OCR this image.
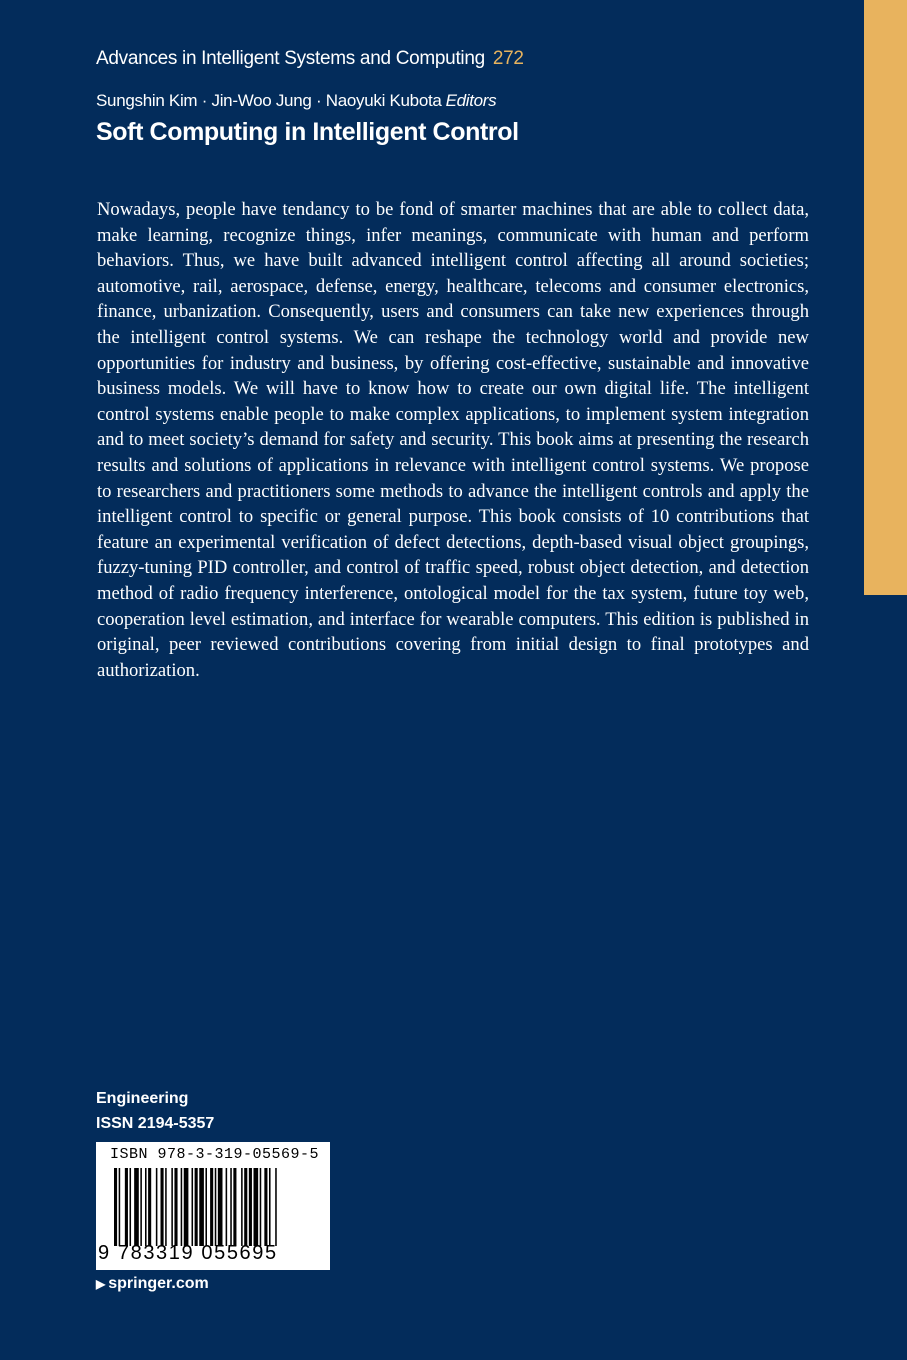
Advances in Intelligent Systems and Computing 272
Sungshin Kim · Jin-Woo Jung · Naoyuki Kubota Editors
Soft Computing in Intelligent Control

Nowadays, people have tendancy to be fond of smarter machines that are able to collect data, make learning, recognize things, infer meanings, communicate with human and perform behaviors. Thus, we have built advanced intelligent control affecting all around societies; automotive, rail, aerospace, defense, energy, healthcare, telecoms and consumer electronics, finance, urbanization. Consequently, users and consumers can take new experiences through the intelligent control systems. We can reshape the technology world and provide new opportunities for industry and business, by offering cost-effective, sustainable and innovative business models. We will have to know how to create our own digital life. The intelligent control systems enable people to make complex applications, to implement system integration and to meet society’s demand for safety and security. This book aims at presenting the research results and solutions of applications in relevance with intelligent control systems. We propose to researchers and practitioners some methods to advance the intelligent controls and apply the intelligent control to specific or general purpose. This book consists of 10 contributions that feature an experimental verification of defect detections, depth-based visual object groupings, fuzzy-tuning PID controller, and control of traffic speed, robust object detection, and detection method of radio frequency interference, ontological model for the tax system, future toy web, cooperation level estimation, and interface for wearable computers. This edition is published in original, peer reviewed contributions covering from initial design to final prototypes and authorization.

Engineering
ISSN 2194-5357
ISBN 978-3-319-05569-5
9 783319 055695
▶ springer.com
